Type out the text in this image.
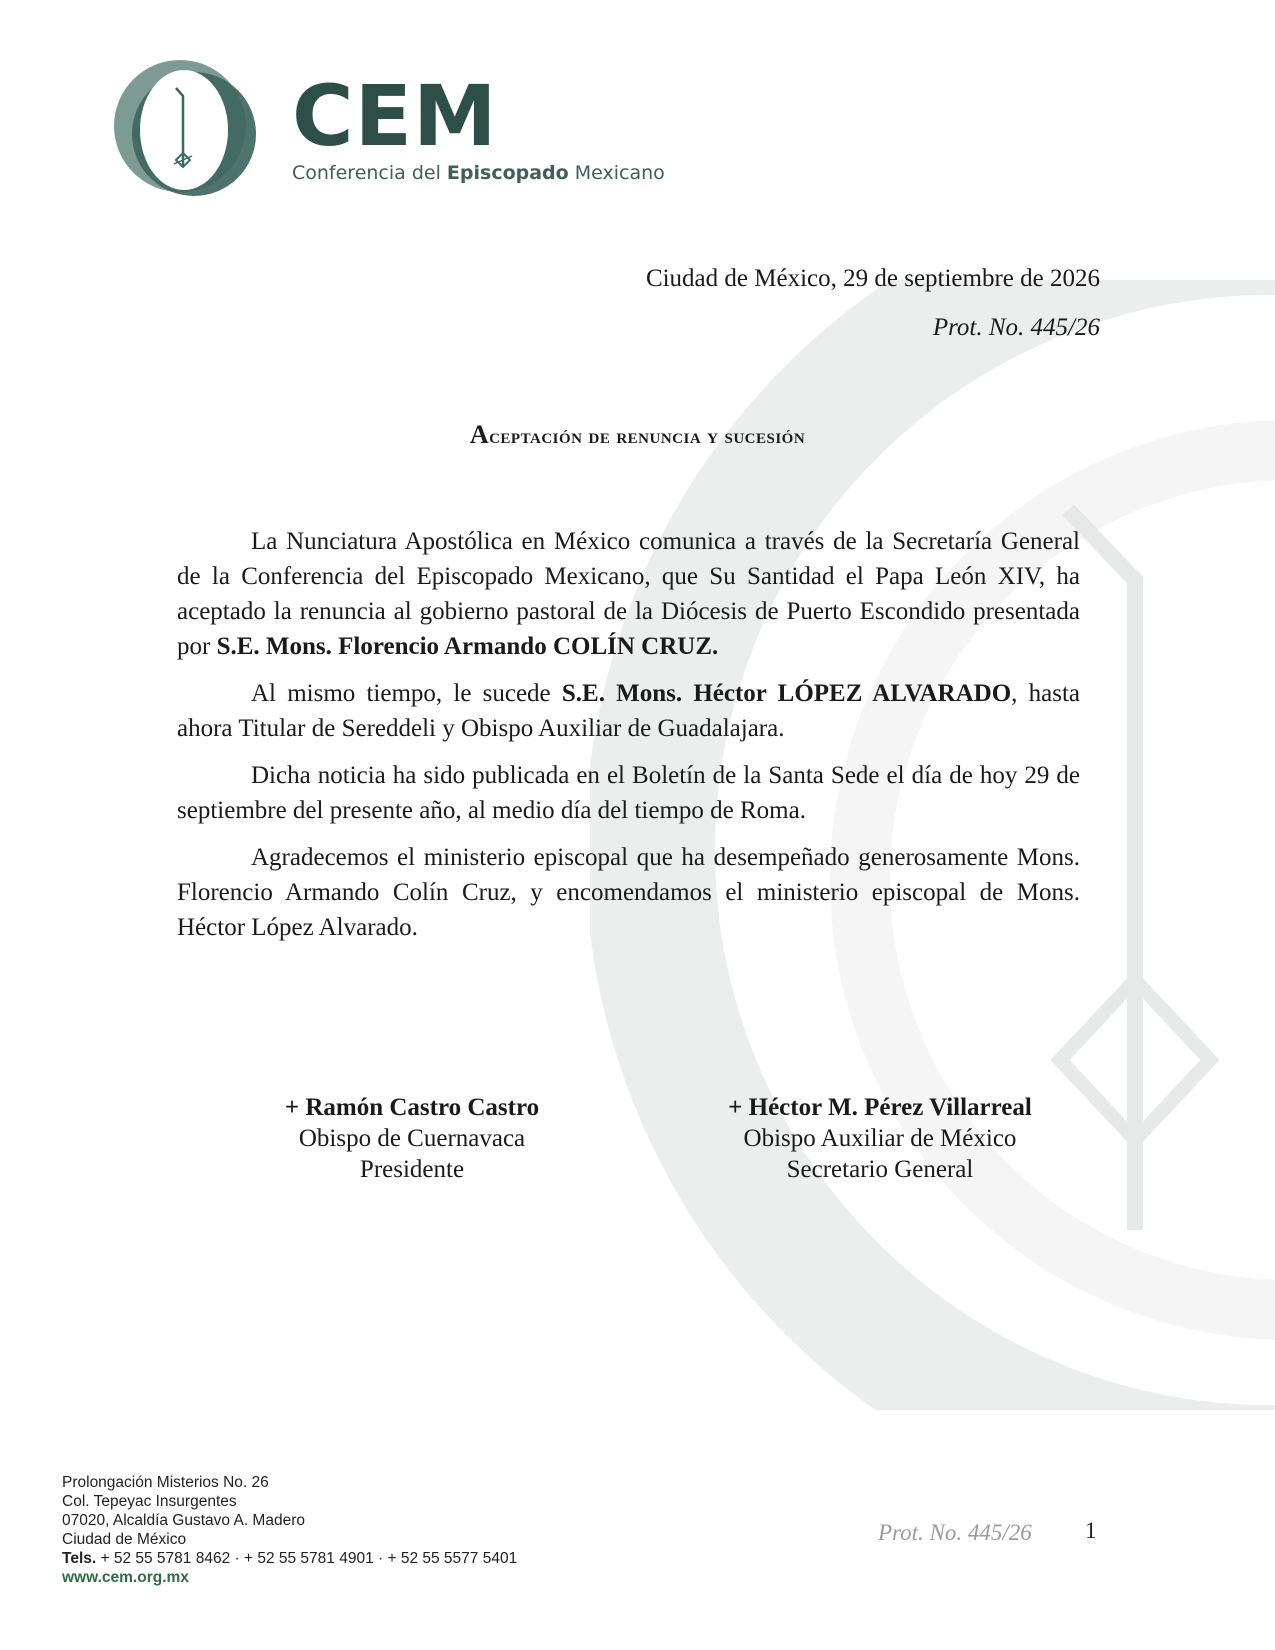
CEM
Conferencia del Episcopado Mexicano
Ciudad de México, 29 de septiembre de 2026
Prot. No. 445/26
Aceptación de renuncia y sucesión

La Nunciatura Apostólica en México comunica a través de la Secretaría General de la Conferencia del Episcopado Mexicano, que Su Santidad el Papa León XIV, ha aceptado la renuncia al gobierno pastoral de la Diócesis de Puerto Escondido presentada por S.E. Mons. Florencio Armando COLÍN CRUZ.

Al mismo tiempo, le sucede S.E. Mons. Héctor LÓPEZ ALVARADO, hasta ahora Titular de Sereddeli y Obispo Auxiliar de Guadalajara.

Dicha noticia ha sido publicada en el Boletín de la Santa Sede el día de hoy 29 de septiembre del presente año, al medio día del tiempo de Roma.

Agradecemos el ministerio episcopal que ha desempeñado generosamente Mons. Florencio Armando Colín Cruz, y encomendamos el ministerio episcopal de Mons. Héctor López Alvarado.

+ Ramón Castro Castro
Obispo de Cuernavaca
Presidente
+ Héctor M. Pérez Villarreal
Obispo Auxiliar de México
Secretario General
Prolongación Misterios No. 26
Col. Tepeyac Insurgentes
07020, Alcaldía Gustavo A. Madero
Ciudad de México
Tels. + 52 55 5781 8462 · + 52 55 5781 4901 · + 52 55 5577 5401
www.cem.org.mx
Prot. No. 445/26 1
